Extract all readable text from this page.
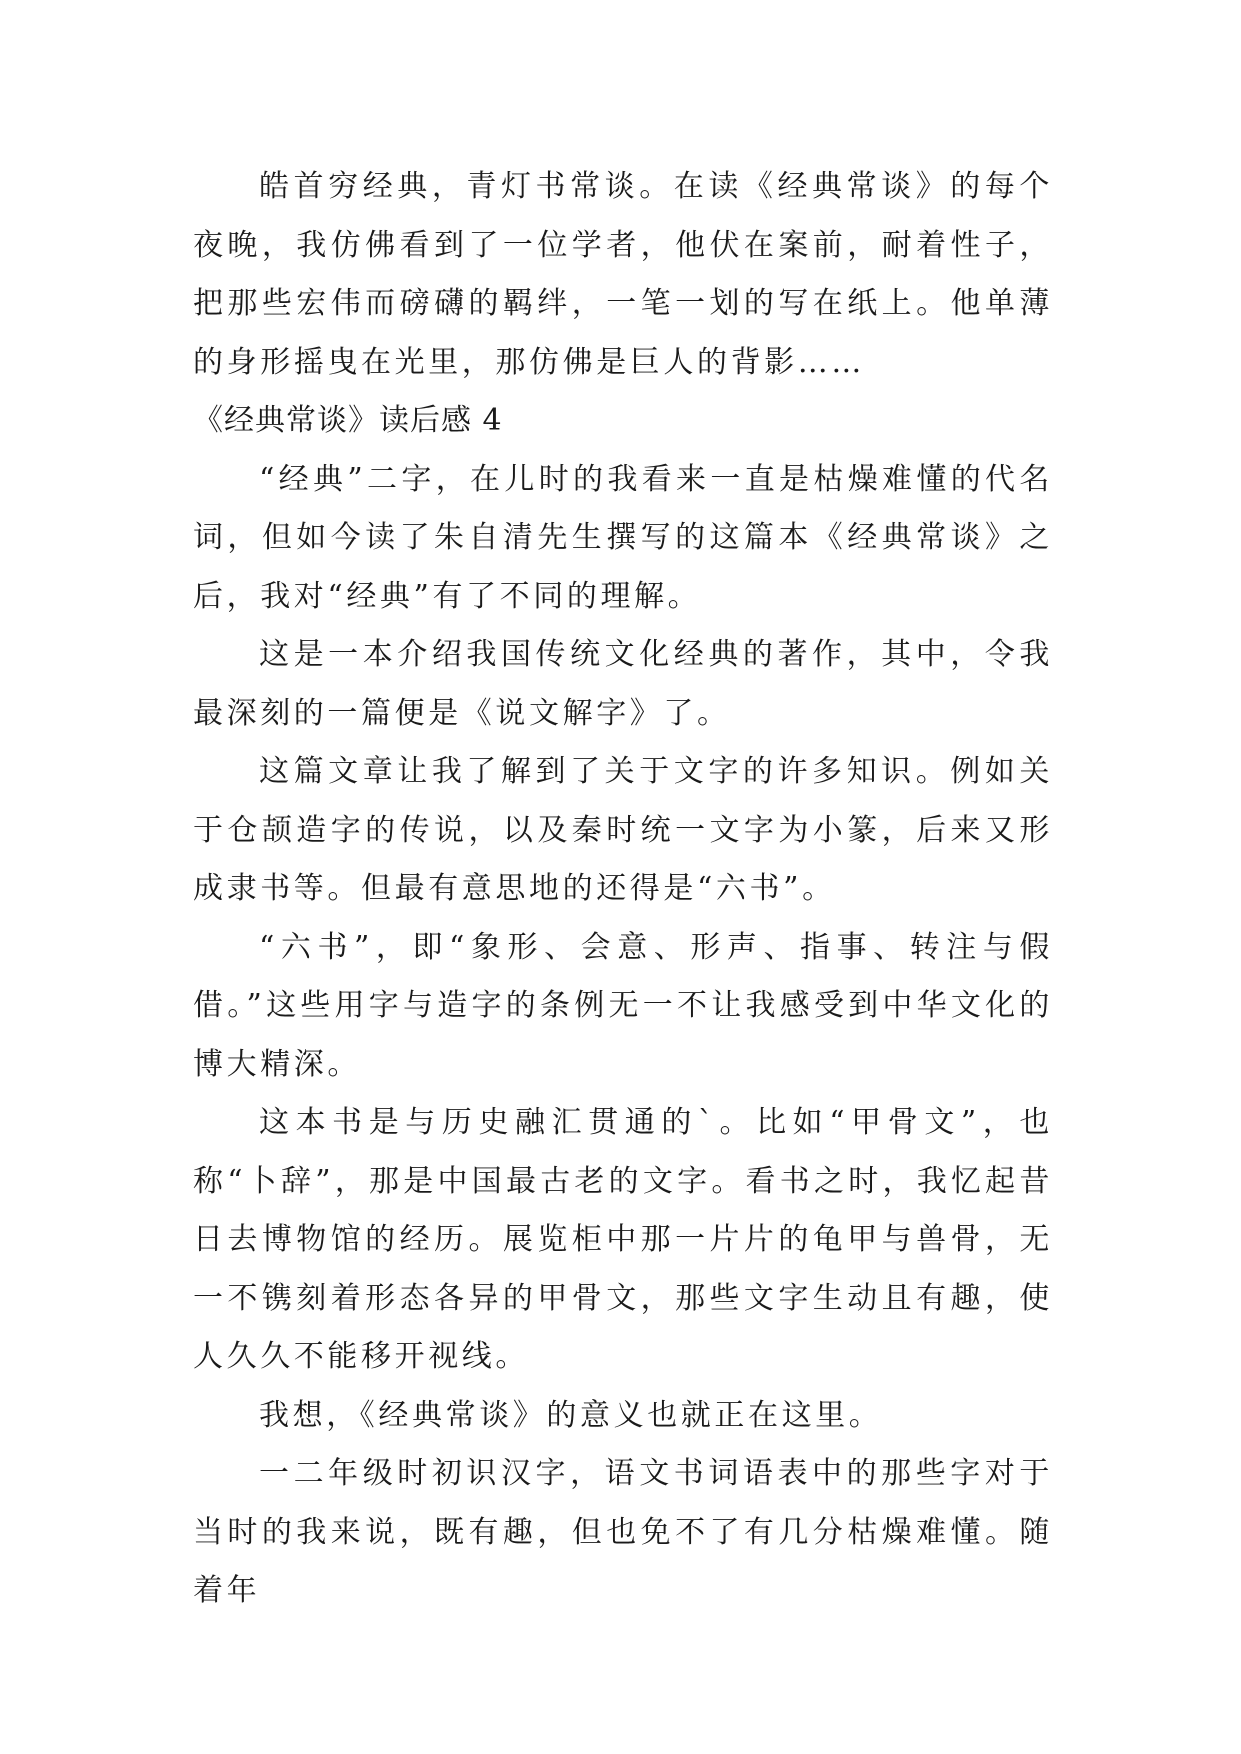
皓首穷经典，青灯书常谈。在读《经典常谈》的每个夜晚，我仿佛看到了一位学者，他伏在案前，耐着性子，把那些宏伟而磅礴的羁绊，一笔一划的写在纸上。他单薄的身形摇曳在光里，那仿佛是巨人的背影……

《经典常谈》读后感 4

“经典”二字，在儿时的我看来一直是枯燥难懂的代名词，但如今读了朱自清先生撰写的这篇本《经典常谈》之后，我对“经典”有了不同的理解。

这是一本介绍我国传统文化经典的著作，其中，令我最深刻的一篇便是《说文解字》了。

这篇文章让我了解到了关于文字的许多知识。例如关于仓颉造字的传说，以及秦时统一文字为小篆，后来又形成隶书等。但最有意思地的还得是“六书”。

“六书”，即“象形、会意、形声、指事、转注与假借。”这些用字与造字的条例无一不让我感受到中华文化的博大精深。

这本书是与历史融汇贯通的`。比如“甲骨文”，也称“卜辞”，那是中国最古老的文字。看书之时，我忆起昔日去博物馆的经历。展览柜中那一片片的龟甲与兽骨，无一不镌刻着形态各异的甲骨文，那些文字生动且有趣，使人久久不能移开视线。

我想，《经典常谈》的意义也就正在这里。

一二年级时初识汉字，语文书词语表中的那些字对于当时的我来说，既有趣，但也免不了有几分枯燥难懂。随着年
